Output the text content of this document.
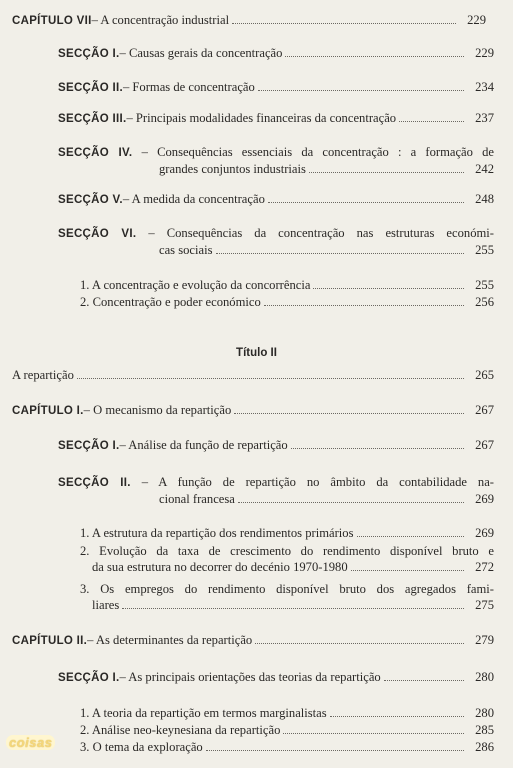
CAPÍTULO VII – A concentração industrial	229
SECÇÃO I. – Causas gerais da concentração	229
SECÇÃO II. – Formas de concentração	234
SECÇÃO III. – Principais modalidades financeiras da concentração	237
SECÇÃO IV. – Consequências essenciais da concentração : a formação de
grandes conjuntos industriais	242
SECÇÃO V. – A medida da concentração	248
SECÇÃO VI. – Consequências da concentração nas estruturas económi-
cas sociais	255
1. A concentração e evolução da concorrência	255
2. Concentração e poder económico	256
Título II
A repartição	265
CAPÍTULO I. – O mecanismo da repartição	267
SECÇÃO I. – Análise da função de repartição	267
SECÇÃO II. – A função de repartição no âmbito da contabilidade na-
cional francesa	269
1. A estrutura da repartição dos rendimentos primários	269
2. Evolução da taxa de crescimento do rendimento disponível bruto e
da sua estrutura no decorrer do decénio 1970-1980	272
3. Os empregos do rendimento disponível bruto dos agregados fami-
liares	275
CAPÍTULO II. – As determinantes da repartição	279
SECÇÃO I. – As principais orientações das teorias da repartição	280
1. A teoria da repartição em termos marginalistas	280
2. Análise neo-keynesiana da repartição	285
3. O tema da exploração	286
coisas
